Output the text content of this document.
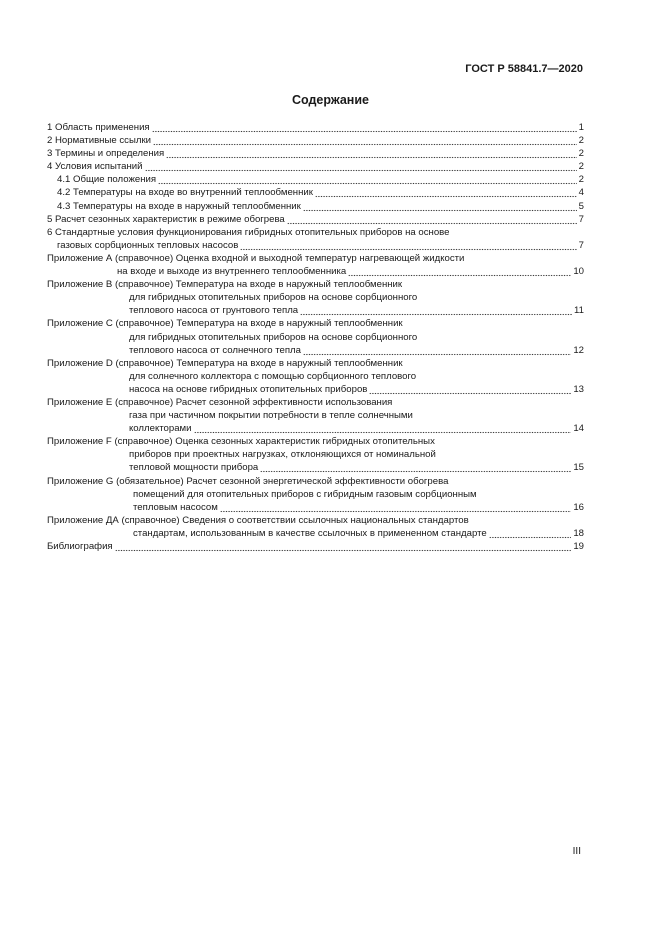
ГОСТ Р 58841.7—2020
Содержание
1 Область применения	1
2 Нормативные ссылки	2
3 Термины и определения	2
4 Условия испытаний	2
4.1 Общие положения	2
4.2 Температуры на входе во внутренний теплообменник	4
4.3 Температуры на входе в наружный теплообменник	5
5 Расчет сезонных характеристик в режиме обогрева	7
6 Стандартные условия функционирования гибридных отопительных приборов на основе
газовых сорбционных тепловых насосов	7
Приложение А (справочное) Оценка входной и выходной температур нагревающей жидкости
на входе и выходе из внутреннего теплообменника	10
Приложение В (справочное) Температура на входе в наружный теплообменник
для гибридных отопительных приборов на основе сорбционного
теплового насоса от грунтового тепла	11
Приложение С (справочное) Температура на входе в наружный теплообменник
для гибридных отопительных приборов на основе сорбционного
теплового насоса от солнечного тепла	12
Приложение D (справочное) Температура на входе в наружный теплообменник
для солнечного коллектора с помощью сорбционного теплового
насоса на основе гибридных отопительных приборов	13
Приложение Е (справочное) Расчет сезонной эффективности использования
газа при частичном покрытии потребности в тепле солнечными
коллекторами	14
Приложение F (справочное) Оценка сезонных характеристик гибридных отопительных
приборов при проектных нагрузках, отклоняющихся от номинальной
тепловой мощности прибора	15
Приложение G (обязательное) Расчет сезонной энергетической эффективности обогрева
помещений для отопительных приборов с гибридным газовым сорбционным
тепловым насосом	16
Приложение ДА (справочное) Сведения о соответствии ссылочных национальных стандартов
стандартам, использованным в качестве ссылочных в примененном стандарте	18
Библиография	19
III
